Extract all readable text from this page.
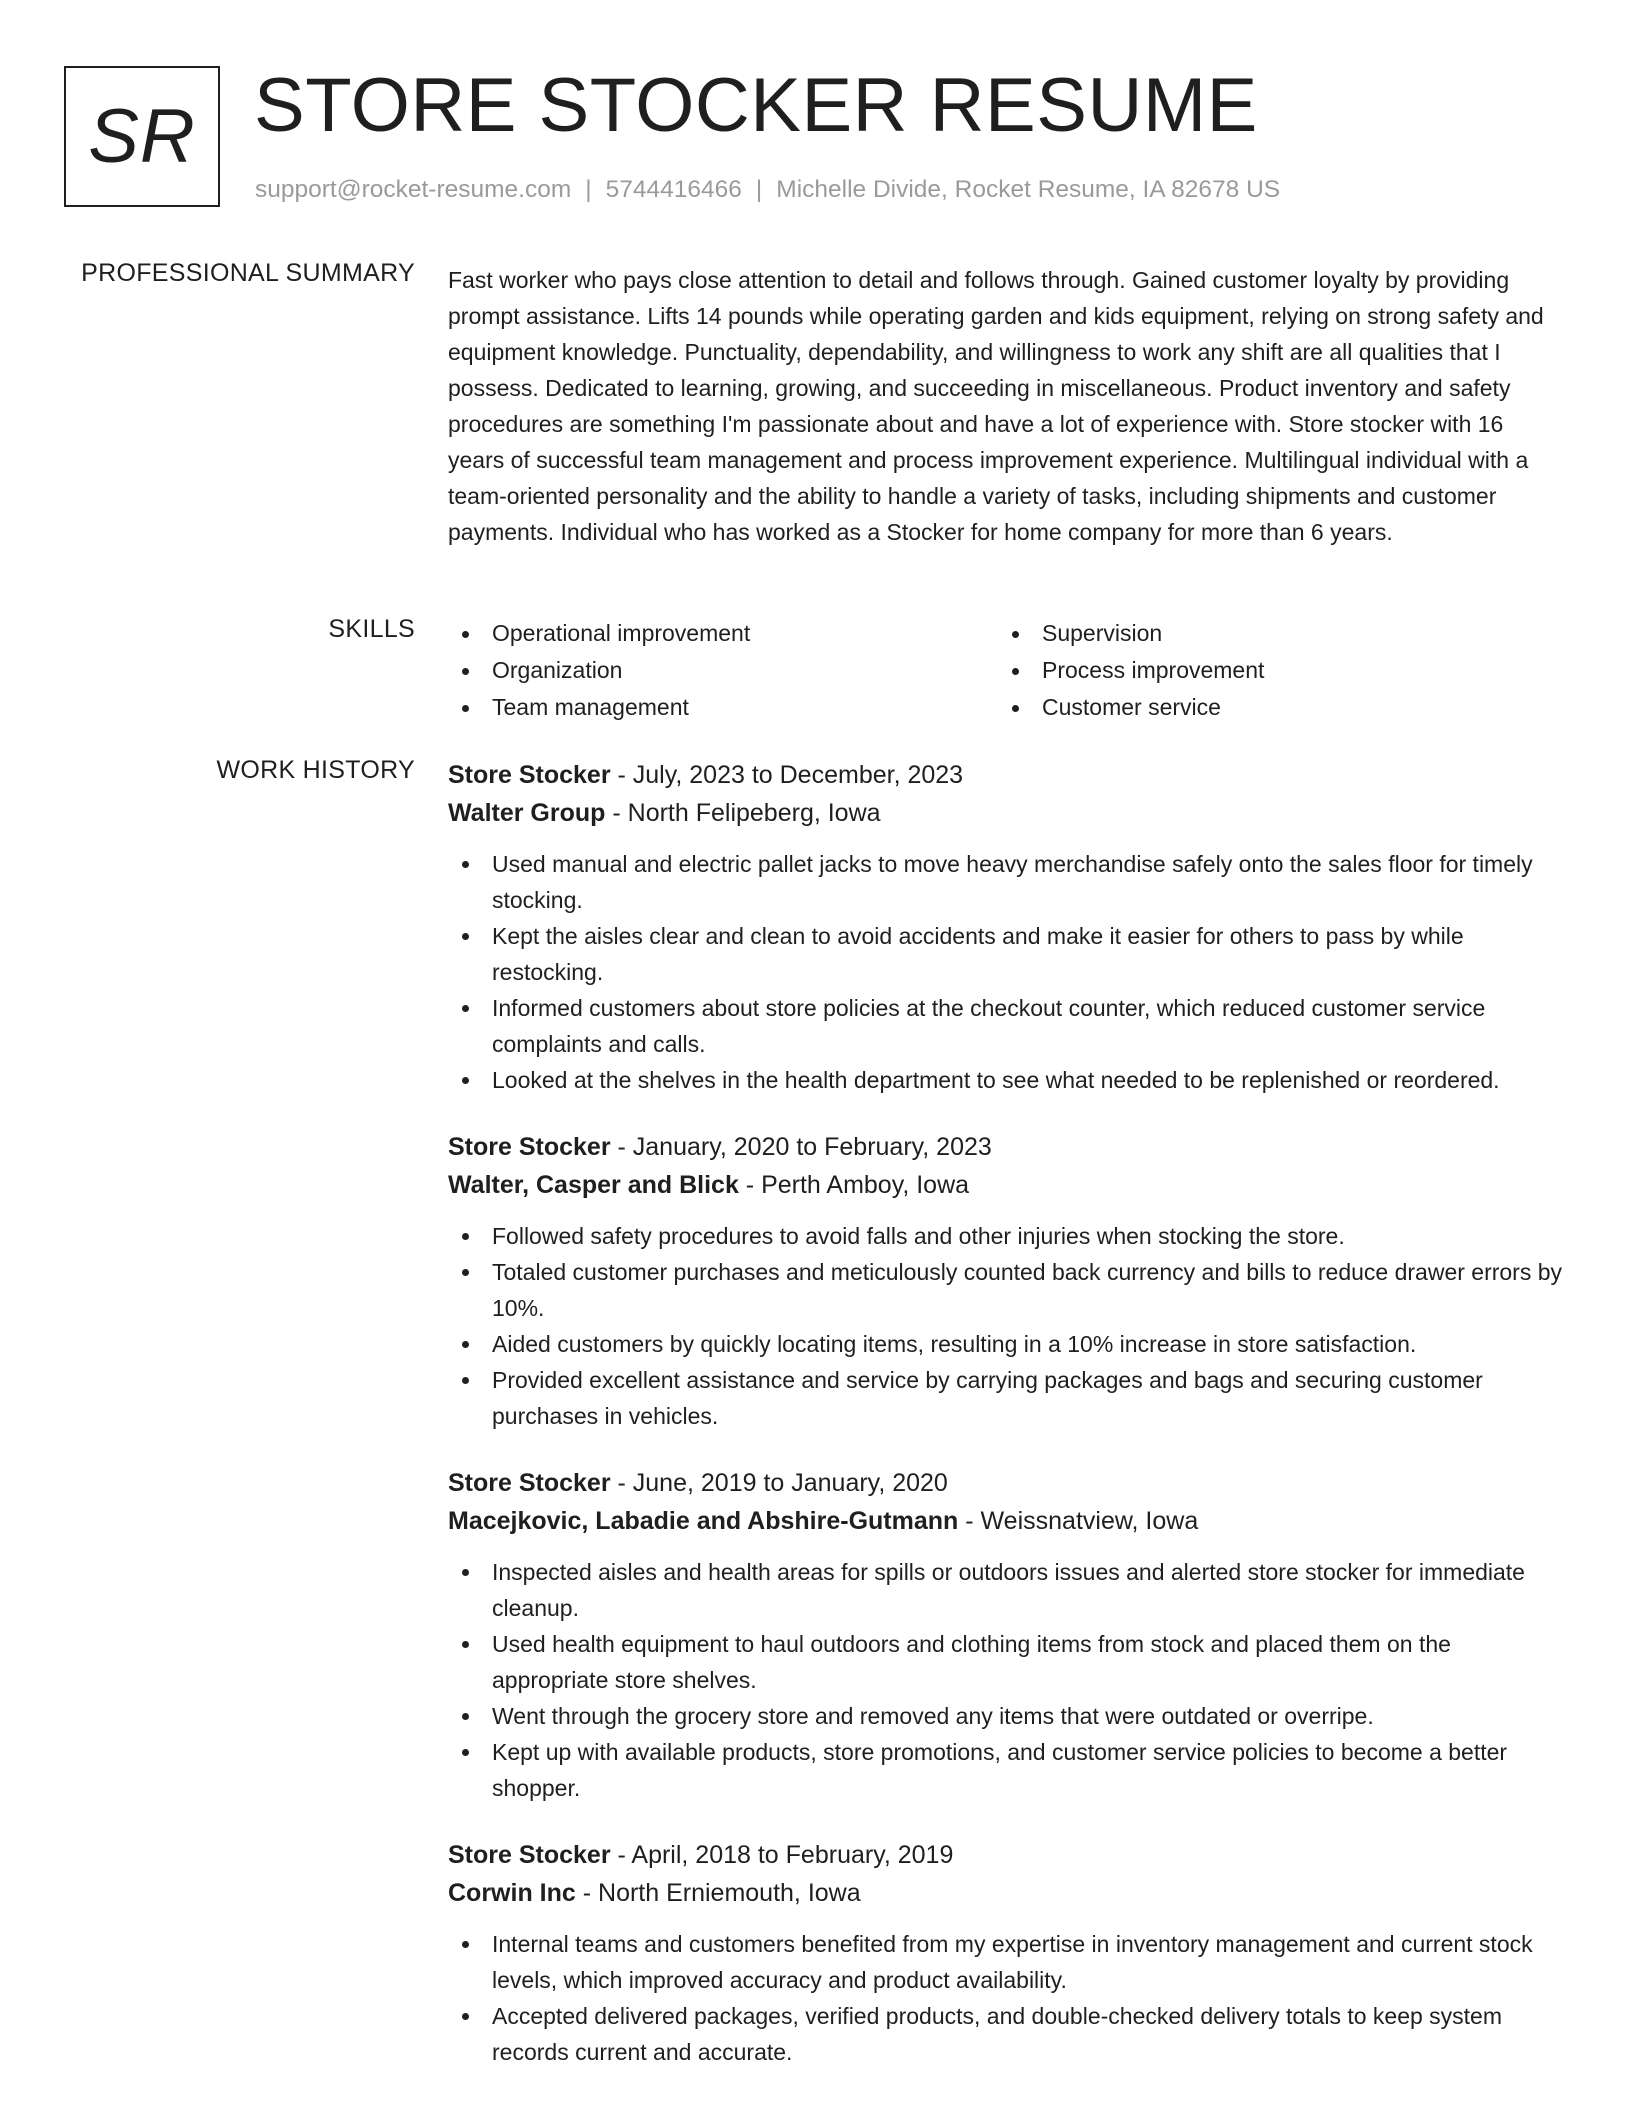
SR STORE STOCKER RESUME
support@rocket-resume.com | 5744416466 | Michelle Divide, Rocket Resume, IA 82678 US
PROFESSIONAL SUMMARY Fast worker who pays close attention to detail and follows through. Gained customer loyalty by providing prompt assistance. Lifts 14 pounds while operating garden and kids equipment, relying on strong safety and equipment knowledge. Punctuality, dependability, and willingness to work any shift are all qualities that I possess. Dedicated to learning, growing, and succeeding in miscellaneous. Product inventory and safety procedures are something I'm passionate about and have a lot of experience with. Store stocker with 16 years of successful team management and process improvement experience. Multilingual individual with a team-oriented personality and the ability to handle a variety of tasks, including shipments and customer payments. Individual who has worked as a Stocker for home company for more than 6 years.

SKILLS	Operational improvement	Supervision
Organization	Process improvement
Team management	Customer service
WORK HISTORY Store Stocker - July, 2023 to December, 2023
Walter Group - North Felipeberg, Iowa
Used manual and electric pallet jacks to move heavy merchandise safely onto the sales floor for timely stocking.
Kept the aisles clear and clean to avoid accidents and make it easier for others to pass by while restocking.
Informed customers about store policies at the checkout counter, which reduced customer service complaints and calls.
Looked at the shelves in the health department to see what needed to be replenished or reordered.
Store Stocker - January, 2020 to February, 2023
Walter, Casper and Blick - Perth Amboy, Iowa
Followed safety procedures to avoid falls and other injuries when stocking the store.
Totaled customer purchases and meticulously counted back currency and bills to reduce drawer errors by 10%.
Aided customers by quickly locating items, resulting in a 10% increase in store satisfaction.
Provided excellent assistance and service by carrying packages and bags and securing customer purchases in vehicles.
Store Stocker - June, 2019 to January, 2020
Macejkovic, Labadie and Abshire-Gutmann - Weissnatview, Iowa
Inspected aisles and health areas for spills or outdoors issues and alerted store stocker for immediate cleanup.
Used health equipment to haul outdoors and clothing items from stock and placed them on the appropriate store shelves.
Went through the grocery store and removed any items that were outdated or overripe.
Kept up with available products, store promotions, and customer service policies to become a better shopper.
Store Stocker - April, 2018 to February, 2019
Corwin Inc - North Erniemouth, Iowa
Internal teams and customers benefited from my expertise in inventory management and current stock levels, which improved accuracy and product availability.
Accepted delivered packages, verified products, and double-checked delivery totals to keep system records current and accurate.
